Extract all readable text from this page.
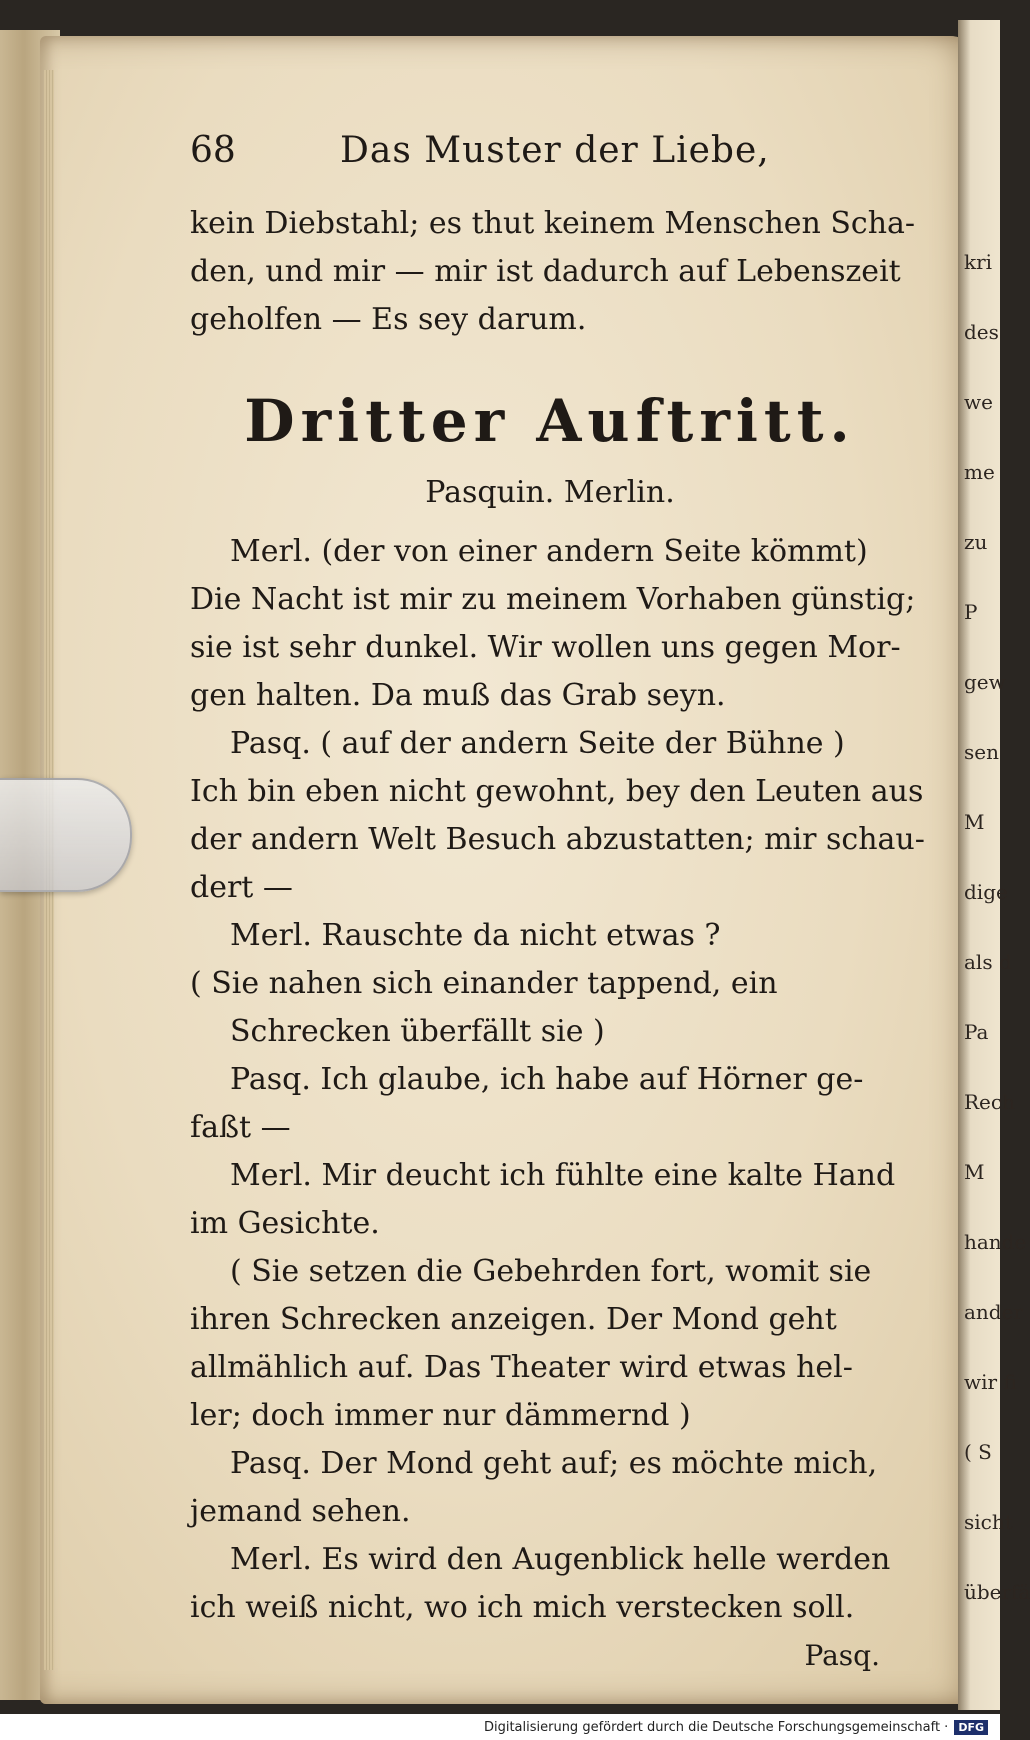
kri
des
we
me
zu
P
gew
sen
M
dige
als d
Pa
Rech
M
hande
ander
wir fi
( S
sicht
überfä
68	Das Muster der Liebe,
kein Diebstahl; es thut keinem Menschen Scha-
den, und mir — mir ist dadurch auf Lebenszeit
geholfen — Es sey darum.
Dritter Auftritt.
Pasquin. Merlin.
Merl. (der von einer andern Seite kömmt)
Die Nacht ist mir zu meinem Vorhaben günstig;
sie ist sehr dunkel. Wir wollen uns gegen Mor-
gen halten. Da muß das Grab seyn.
Pasq. ( auf der andern Seite der Bühne )
Ich bin eben nicht gewohnt, bey den Leuten aus
der andern Welt Besuch abzustatten; mir schau-
dert —
Merl. Rauschte da nicht etwas ?
( Sie nahen sich einander tappend, ein
Schrecken überfällt sie )
Pasq. Ich glaube, ich habe auf Hörner ge-
faßt —
Merl. Mir deucht ich fühlte eine kalte Hand
im Gesichte.
( Sie setzen die Gebehrden fort, womit sie
ihren Schrecken anzeigen. Der Mond geht
allmählich auf. Das Theater wird etwas hel-
ler; doch immer nur dämmernd )
Pasq. Der Mond geht auf; es möchte mich,
jemand sehen.
Merl. Es wird den Augenblick helle werden
ich weiß nicht, wo ich mich verstecken soll.
Pasq.
Digitalisierung gefördert durch die Deutsche Forschungsgemeinschaft · DFG
